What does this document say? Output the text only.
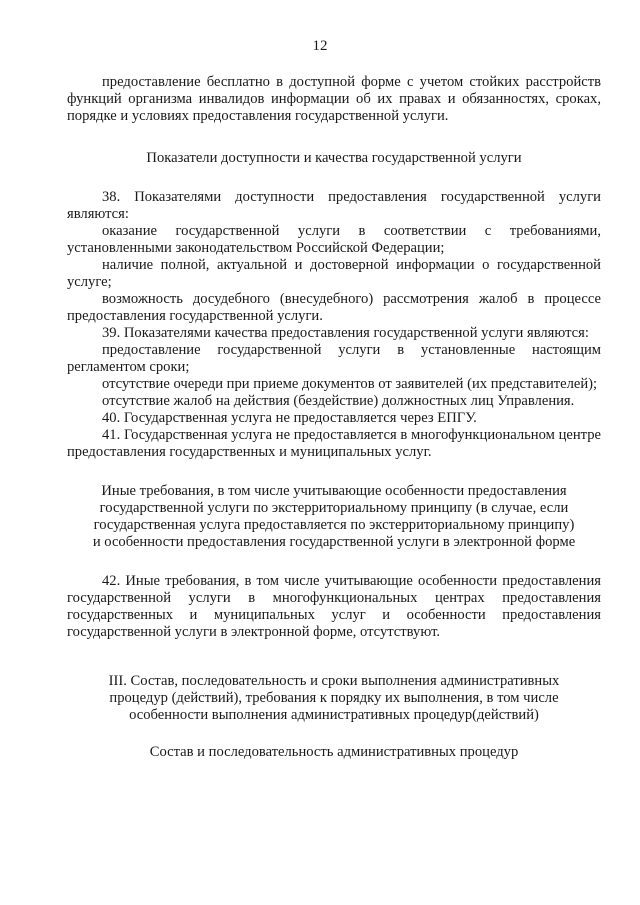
12

предоставление бесплатно в доступной форме с учетом стойких расстройств функций организма инвалидов информации об их правах и обязанностях, сроках, порядке и условиях предоставления государственной услуги.

Показатели доступности и качества государственной услуги

38. Показателями доступности предоставления государственной услуги являются:

оказание государственной услуги в соответствии с требованиями, установленными законодательством Российской Федерации;

наличие полной, актуальной и достоверной информации о государственной услуге;

возможность досудебного (внесудебного) рассмотрения жалоб в процессе предоставления государственной услуги.

39. Показателями качества предоставления государственной услуги являются:

предоставление государственной услуги в установленные настоящим регламентом сроки;

отсутствие очереди при приеме документов от заявителей (их представителей);

отсутствие жалоб на действия (бездействие) должностных лиц Управления.

40. Государственная услуга не предоставляется через ЕПГУ.

41. Государственная услуга не предоставляется в многофункциональном центре предоставления государственных и муниципальных услуг.

Иные требования, в том числе учитывающие особенности предоставления

государственной услуги по экстерриториальному принципу (в случае, если

государственная услуга предоставляется по экстерриториальному принципу)

и особенности предоставления государственной услуги в электронной форме

42. Иные требования, в том числе учитывающие особенности предоставления государственной услуги в многофункциональных центрах предоставления государственных и муниципальных услуг и особенности предоставления государственной услуги в электронной форме, отсутствуют.

III. Состав, последовательность и сроки выполнения административных

процедур (действий), требования к порядку их выполнения, в том числе

особенности выполнения административных процедур(действий)

Состав и последовательность административных процедур
